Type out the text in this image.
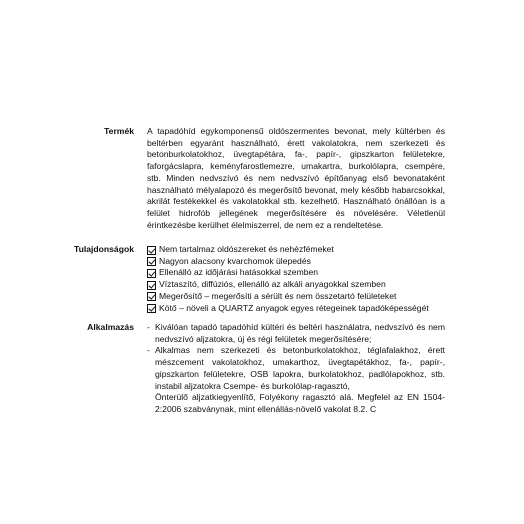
Termék A tapadóhíd egykomponensű oldószermentes bevonat, mely kültérben és beltérben egyaránt használható, érett vakolatokra, nem szerkezeti és betonburkolatokhoz, üvegtapétára, fa-, papír-, gipszkarton felületekre, faforgácslapra, keményfarostlemezre, umakartra, burkolólapra, csempére, stb. Minden nedvszívó és nem nedvszívó építőanyag első bevonataként használható mélyalapozó és megerősítő bevonat, mely később habarcsokkal, akrilát festékekkel és vakolatokkal stb. kezelhető. Használható önállóan is a felület hidrofób jellegének megerősítésére és növelésére. Véletlenül érintkezésbe kerülhet élelmiszerrel, de nem ez a rendeltetése.

Tulajdonságok	Nem tartalmaz oldószereket és nehézfémeket
Nagyon alacsony kvarchomok ülepedés
Ellenálló az időjárási hatásokkal szemben
Víztaszító, diffúziós, ellenálló az alkáli anyagokkal szemben
Megerősítő – megerősíti a sérült és nem összetartó felületeket
Kötő – növeli a QUARTZ anyagok egyes rétegeinek tapadóképességét
Alkalmazás - Kiválóan tapadó tapadóhíd kültéri és beltéri használatra, nedvszívó és nem nedvszívó aljzatokra, új és régi felületek megerősítésére;
- Alkalmas nem szerkezeti és betonburkolatokhoz, téglafalakhoz, érett mészcement vakolatokhoz, umakarthoz, üvegtapétákhoz, fa-, papír-, gipszkarton felületekre, OSB lapokra, burkolatokhoz, padlólapokhoz, stb. instabil aljzatokra Csempe- és burkolólap-ragasztó,
Önterülő aljzatkiegyenlítő, Folyékony ragasztó alá. Megfelel az EN 1504-2:2006 szabványnak, mint ellenállás-növelő vakolat 8.2. C
